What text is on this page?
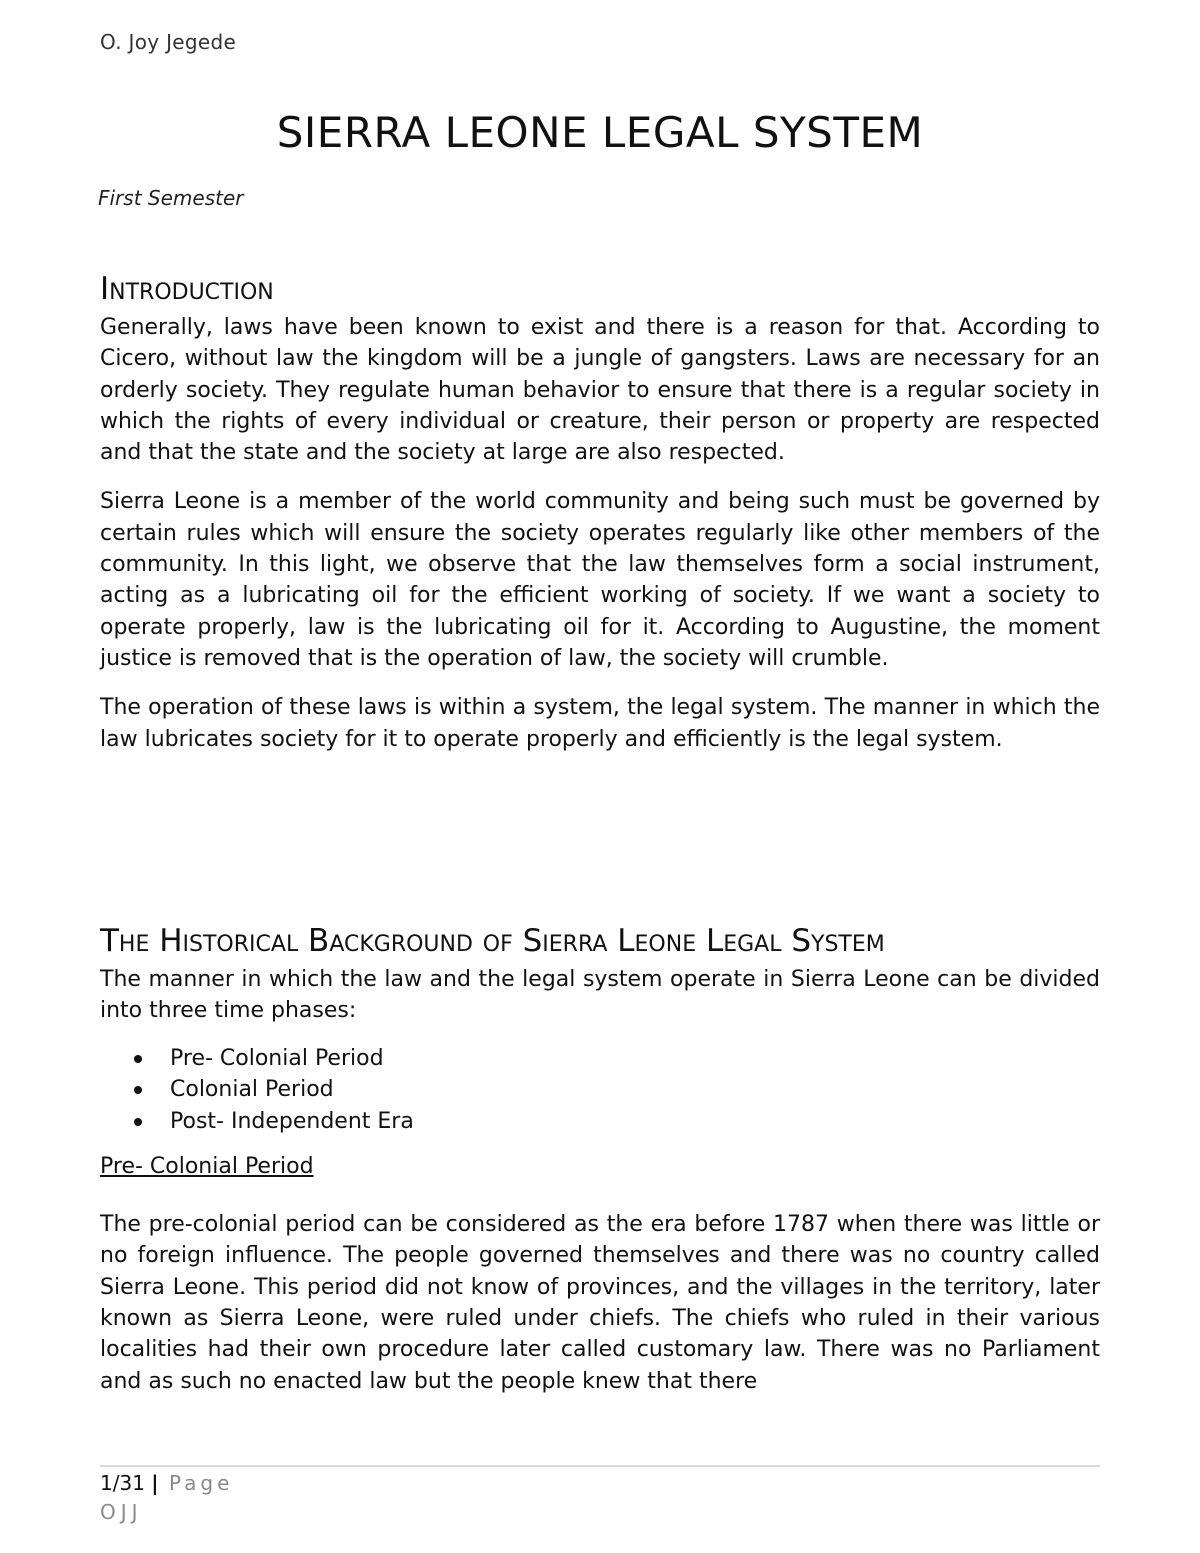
O. Joy Jegede
SIERRA LEONE LEGAL SYSTEM
First Semester
Introduction

Generally, laws have been known to exist and there is a reason for that. According to Cicero, without law the kingdom will be a jungle of gangsters. Laws are necessary for an orderly society. They regulate human behavior to ensure that there is a regular society in which the rights of every individual or creature, their person or property are respected and that the state and the society at large are also respected.

Sierra Leone is a member of the world community and being such must be governed by certain rules which will ensure the society operates regularly like other members of the community. In this light, we observe that the law themselves form a social instrument, acting as a lubricating oil for the efficient working of society. If we want a society to operate properly, law is the lubricating oil for it. According to Augustine, the moment justice is removed that is the operation of law, the society will crumble.

The operation of these laws is within a system, the legal system. The manner in which the law lubricates society for it to operate properly and efficiently is the legal system.

The Historical Background of Sierra Leone Legal System

The manner in which the law and the legal system operate in Sierra Leone can be divided into three time phases:

Pre- Colonial Period
Colonial Period
Post- Independent Era
Pre- Colonial Period

The pre-colonial period can be considered as the era before 1787 when there was little or no foreign influence. The people governed themselves and there was no country called Sierra Leone. This period did not know of provinces, and the villages in the territory, later known as Sierra Leone, were ruled under chiefs. The chiefs who ruled in their various localities had their own procedure later called customary law. There was no Parliament and as such no enacted law but the people knew that there

1/31 | Page
OJJ
